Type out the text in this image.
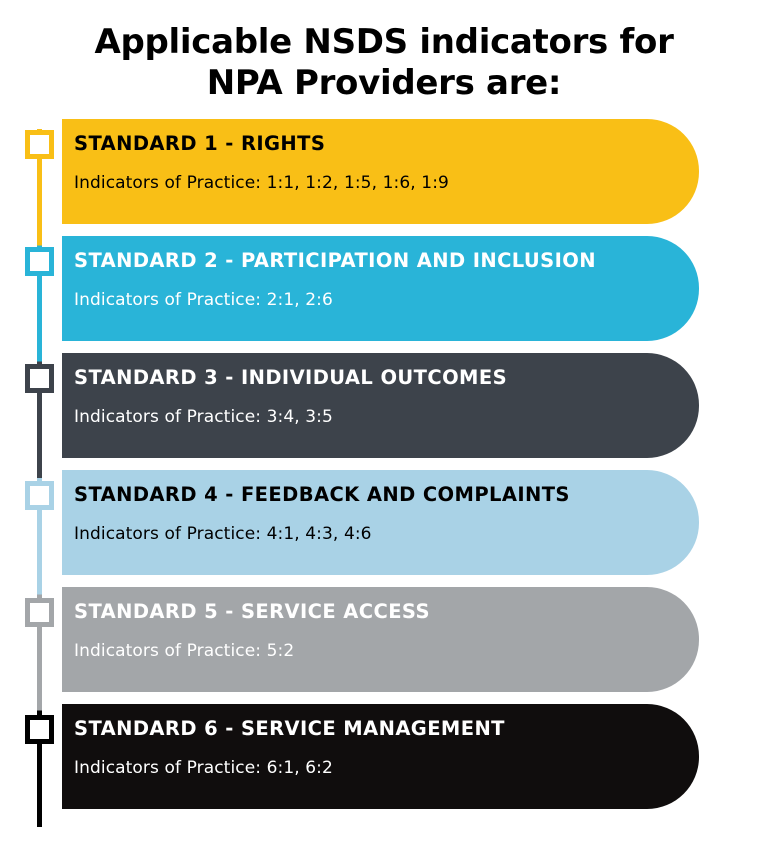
Applicable NSDS indicators for
NPA Providers are:
STANDARD 1 - RIGHTS

Indicators of Practice: 1:1, 1:2, 1:5, 1:6, 1:9

STANDARD 2 - PARTICIPATION AND INCLUSION

Indicators of Practice: 2:1, 2:6

STANDARD 3 - INDIVIDUAL OUTCOMES

Indicators of Practice: 3:4, 3:5

STANDARD 4 - FEEDBACK AND COMPLAINTS

Indicators of Practice: 4:1, 4:3, 4:6

STANDARD 5 - SERVICE ACCESS

Indicators of Practice: 5:2

STANDARD 6 - SERVICE MANAGEMENT

Indicators of Practice: 6:1, 6:2
